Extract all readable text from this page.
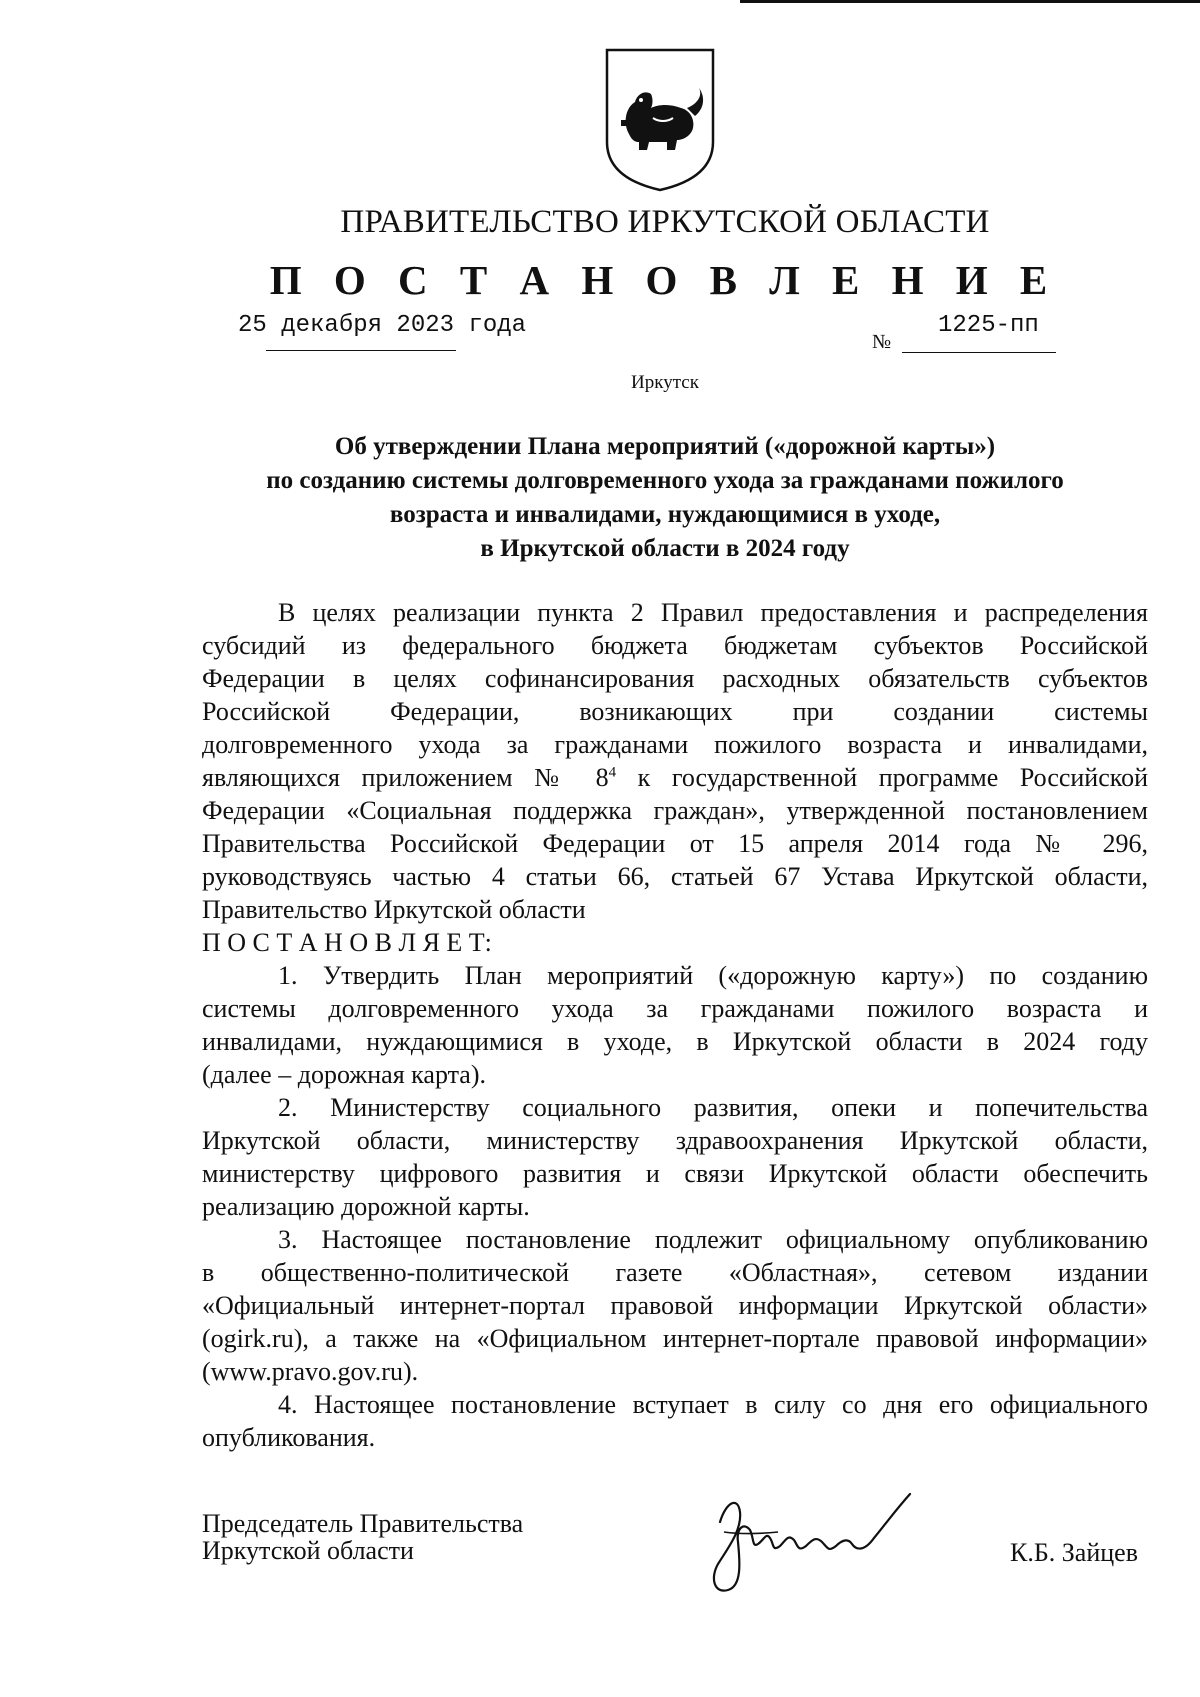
ПРАВИТЕЛЬСТВО ИРКУТСКОЙ ОБЛАСТИ
П О С Т А Н О В Л Е Н И Е
25 декабря 2023 года
№
1225-пп
Иркутск
Об утверждении Плана мероприятий («дорожной карты»)
по созданию системы долговременного ухода за гражданами пожилого
возраста и инвалидами, нуждающимися в уходе,
в Иркутской области в 2024 году
В целях реализации пункта 2 Правил предоставления и распределения
субсидий из федерального бюджета бюджетам субъектов Российской
Федерации в целях софинансирования расходных обязательств субъектов
Российской Федерации, возникающих при создании системы
долговременного ухода за гражданами пожилого возраста и инвалидами,
являющихся приложением № $8^4$ к государственной программе Российской
Федерации «Социальная поддержка граждан», утвержденной постановлением
Правительства Российской Федерации от 15 апреля 2014 года № 296,
руководствуясь частью 4 статьи 66, статьей 67 Устава Иркутской области,
Правительство Иркутской области
П О С Т А Н О В Л Я Е Т:
1. Утвердить План мероприятий («дорожную карту») по созданию
системы долговременного ухода за гражданами пожилого возраста и
инвалидами, нуждающимися в уходе, в Иркутской области в 2024 году
(далее – дорожная карта).
2. Министерству социального развития, опеки и попечительства
Иркутской области, министерству здравоохранения Иркутской области,
министерству цифрового развития и связи Иркутской области обеспечить
реализацию дорожной карты.
3. Настоящее постановление подлежит официальному опубликованию
в общественно-политической газете «Областная», сетевом издании
«Официальный интернет-портал правовой информации Иркутской области»
(ogirk.ru), а также на «Официальном интернет-портале правовой информации»
(www.pravo.gov.ru).
4. Настоящее постановление вступает в силу со дня его официального
опубликования.
Председатель Правительства
Иркутской области	К.Б. Зайцев
